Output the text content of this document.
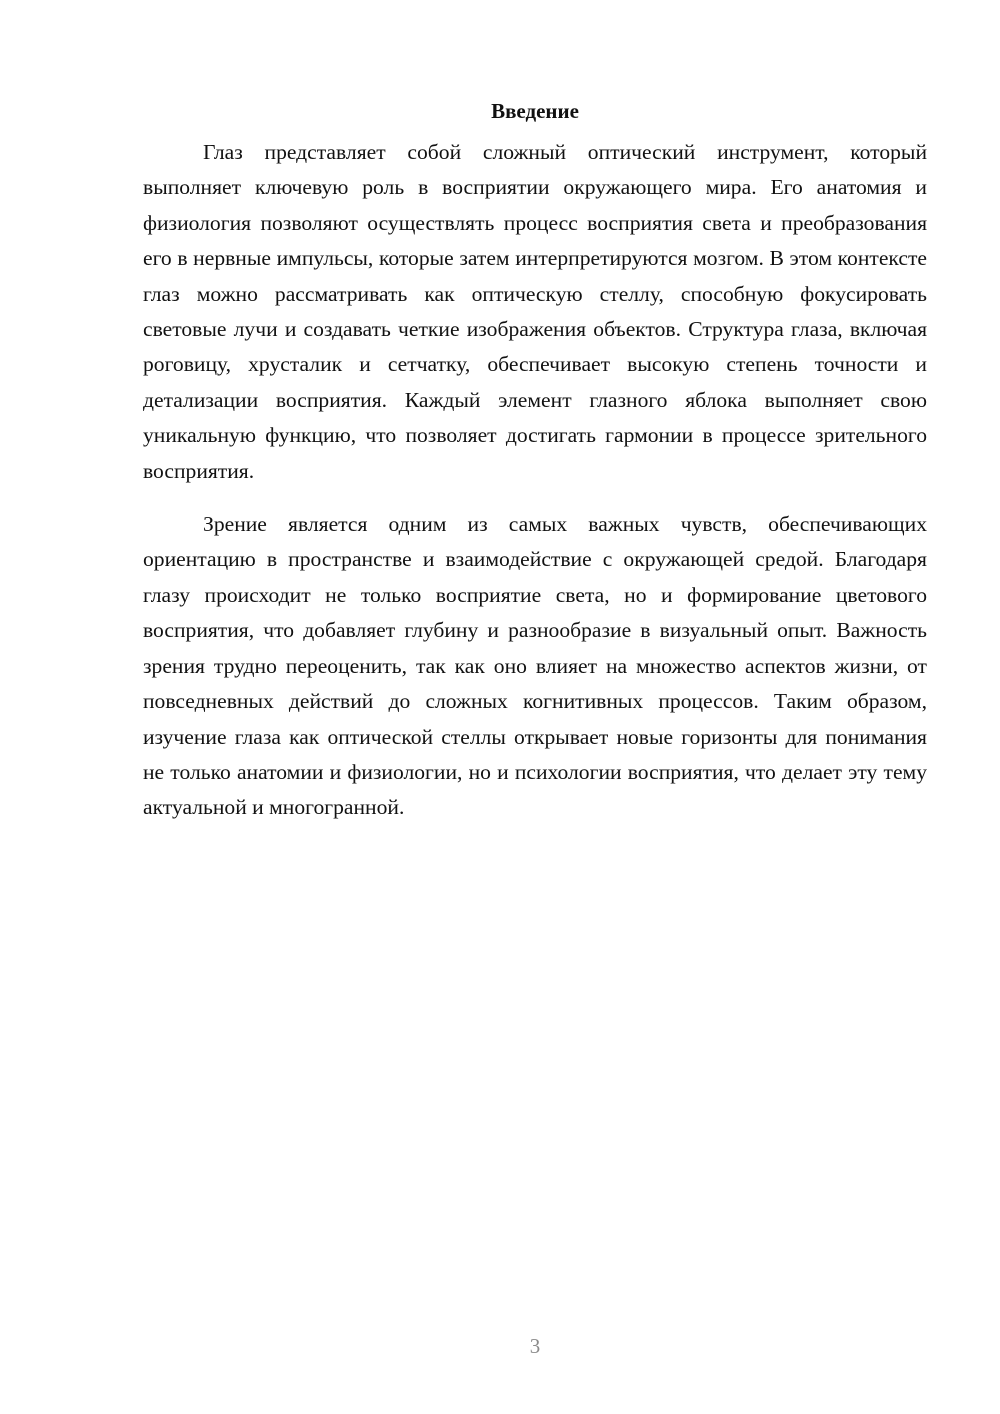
Введение

Глаз представляет собой сложный оптический инструмент, который выполняет ключевую роль в восприятии окружающего мира. Его анатомия и физиология позволяют осуществлять процесс восприятия света и преобразования его в нервные импульсы, которые затем интерпретируются мозгом. В этом контексте глаз можно рассматривать как оптическую стеллу, способную фокусировать световые лучи и создавать четкие изображения объектов. Структура глаза, включая роговицу, хрусталик и сетчатку, обеспечивает высокую степень точности и детализации восприятия. Каждый элемент глазного яблока выполняет свою уникальную функцию, что позволяет достигать гармонии в процессе зрительного восприятия.

Зрение является одним из самых важных чувств, обеспечивающих ориентацию в пространстве и взаимодействие с окружающей средой. Благодаря глазу происходит не только восприятие света, но и формирование цветового восприятия, что добавляет глубину и разнообразие в визуальный опыт. Важность зрения трудно переоценить, так как оно влияет на множество аспектов жизни, от повседневных действий до сложных когнитивных процессов. Таким образом, изучение глаза как оптической стеллы открывает новые горизонты для понимания не только анатомии и физиологии, но и психологии восприятия, что делает эту тему актуальной и многогранной.

3
